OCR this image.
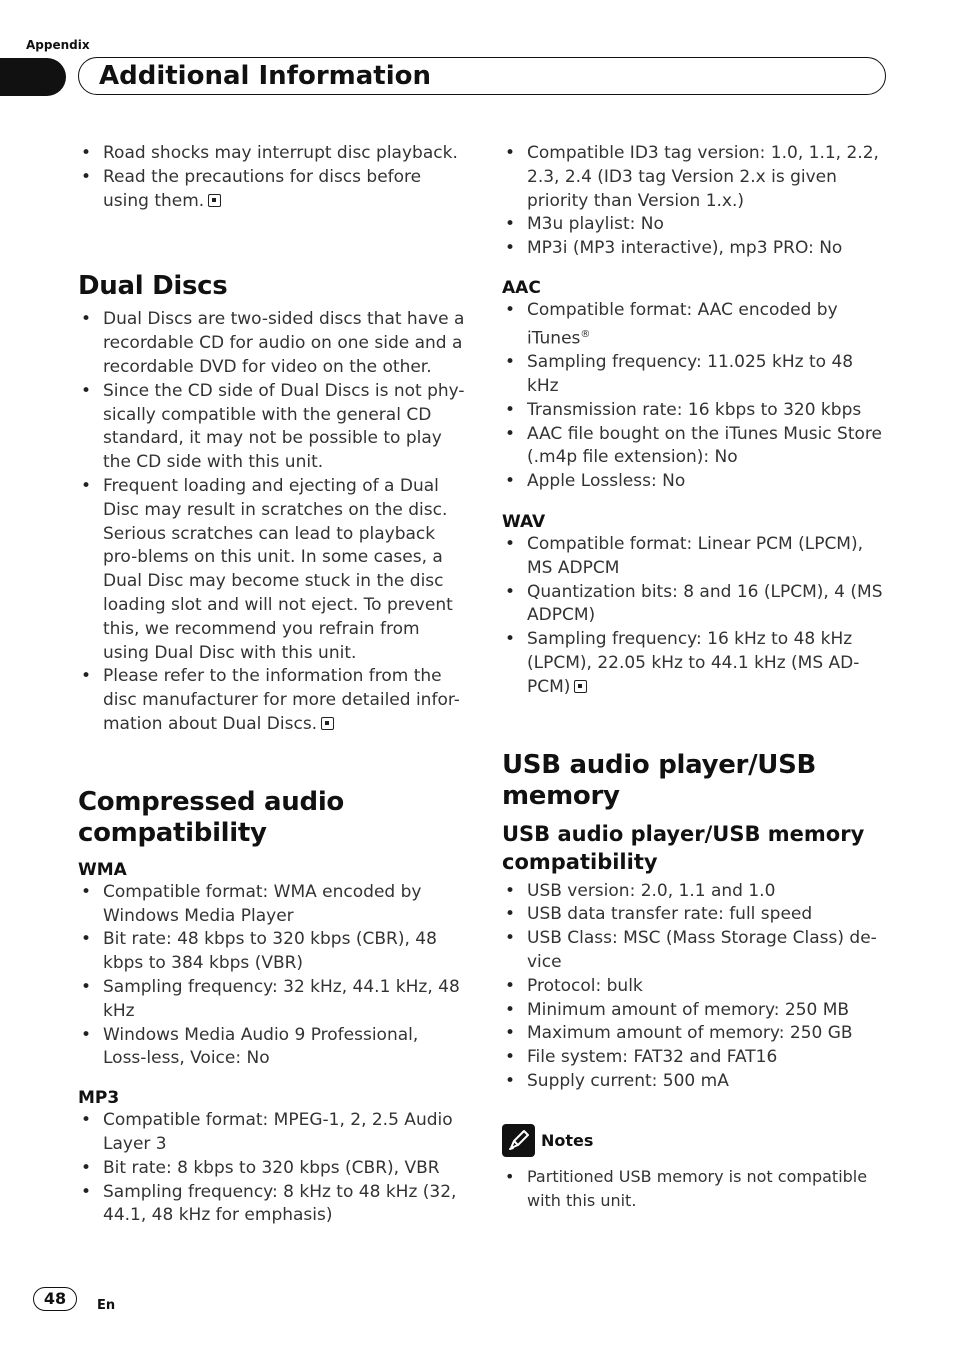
Appendix
Additional Information
• Road shocks may interrupt disc playback.
• Read the precautions for discs before using them.
Dual Discs
• Dual Discs are two-sided discs that have a recordable CD for audio on one side and a recordable DVD for video on the other.
• Since the CD side of Dual Discs is not phy-sically compatible with the general CD standard, it may not be possible to play the CD side with this unit.
• Frequent loading and ejecting of a Dual Disc may result in scratches on the disc. Serious scratches can lead to playback pro-blems on this unit. In some cases, a Dual Disc may become stuck in the disc loading slot and will not eject. To prevent this, we recommend you refrain from using Dual Disc with this unit.
• Please refer to the information from the disc manufacturer for more detailed infor-mation about Dual Discs.
Compressed audio compatibility
WMA
• Compatible format: WMA encoded by Windows Media Player
• Bit rate: 48 kbps to 320 kbps (CBR), 48 kbps to 384 kbps (VBR)
• Sampling frequency: 32 kHz, 44.1 kHz, 48 kHz
• Windows Media Audio 9 Professional, Loss-less, Voice: No
MP3
• Compatible format: MPEG-1, 2, 2.5 Audio Layer 3
• Bit rate: 8 kbps to 320 kbps (CBR), VBR
• Sampling frequency: 8 kHz to 48 kHz (32, 44.1, 48 kHz for emphasis)
• Compatible ID3 tag version: 1.0, 1.1, 2.2, 2.3, 2.4 (ID3 tag Version 2.x is given priority than Version 1.x.)
• M3u playlist: No
• MP3i (MP3 interactive), mp3 PRO: No
AAC
• Compatible format: AAC encoded by iTunes®
• Sampling frequency: 11.025 kHz to 48 kHz
• Transmission rate: 16 kbps to 320 kbps
• AAC file bought on the iTunes Music Store (.m4p file extension): No
• Apple Lossless: No
WAV
• Compatible format: Linear PCM (LPCM), MS ADPCM
• Quantization bits: 8 and 16 (LPCM), 4 (MS ADPCM)
• Sampling frequency: 16 kHz to 48 kHz (LPCM), 22.05 kHz to 44.1 kHz (MS AD-PCM)
USB audio player/USB memory
USB audio player/USB memory compatibility
• USB version: 2.0, 1.1 and 1.0
• USB data transfer rate: full speed
• USB Class: MSC (Mass Storage Class) de-vice
• Protocol: bulk
• Minimum amount of memory: 250 MB
• Maximum amount of memory: 250 GB
• File system: FAT32 and FAT16
• Supply current: 500 mA
Notes
• Partitioned USB memory is not compatible with this unit.
48	En
